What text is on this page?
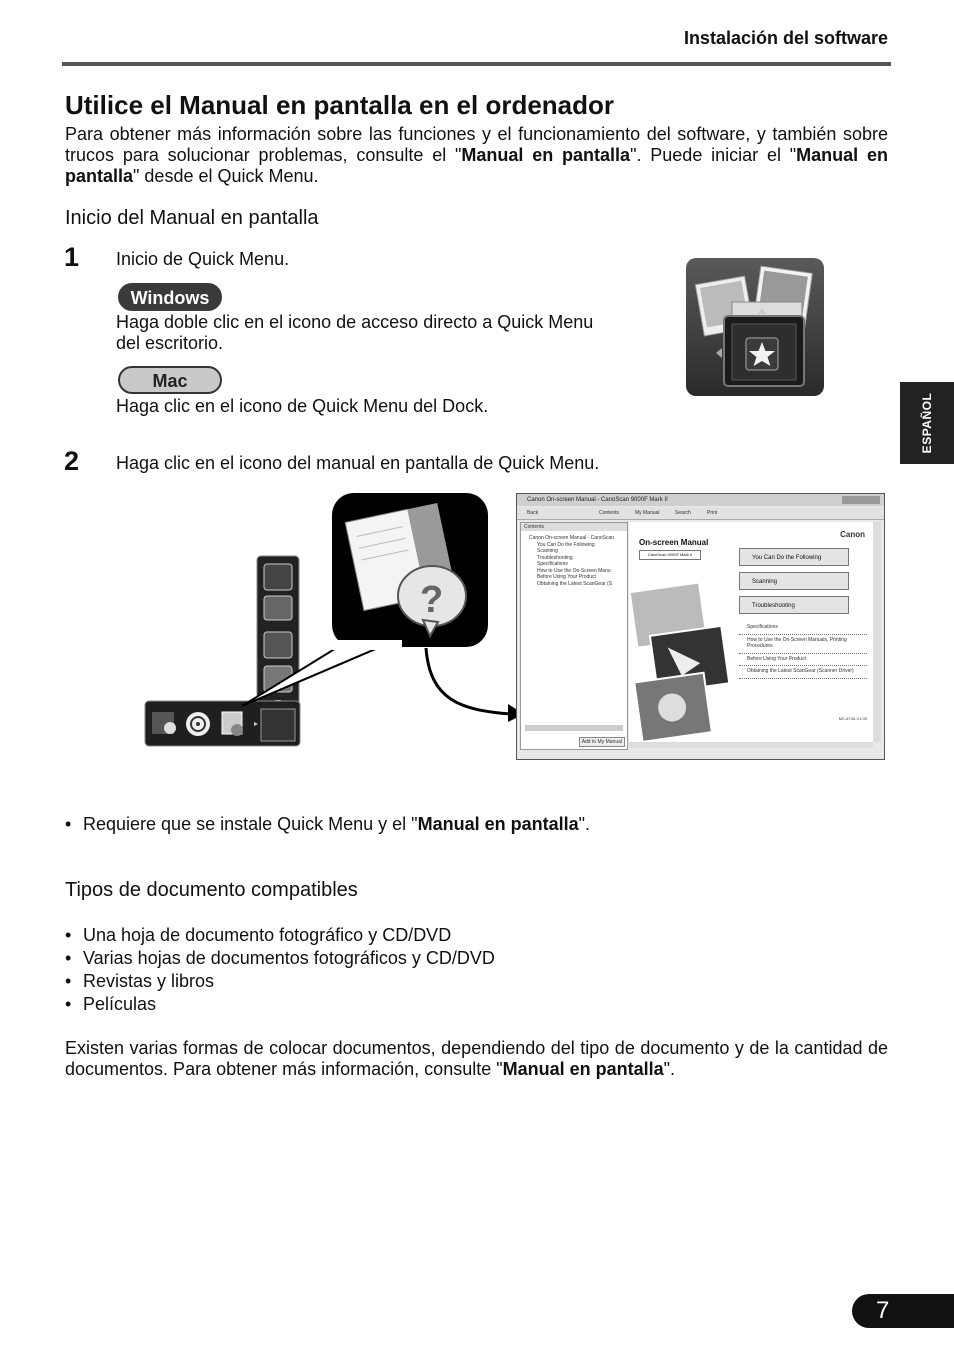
Instalación del software
Utilice el Manual en pantalla en el ordenador
Para obtener más información sobre las funciones y el funcionamiento del software, y también sobre trucos para solucionar problemas, consulte el "Manual en pantalla". Puede iniciar el "Manual en pantalla" desde el Quick Menu.
Inicio del Manual en pantalla
1 Inicio de Quick Menu.
Windows
Haga doble clic en el icono de acceso directo a Quick Menu del escritorio.
Mac
Haga clic en el icono de Quick Menu del Dock.	ESPAÑOL
2 Haga clic en el icono del manual en pantalla de Quick Menu.
?
Canon On-screen Manual - CanoScan 9000F Mark II
Back	Contents	My Manual	Search	Print
Contents
Canon On-screen Manual - CanoScan
You Can Do the Following
Scanning
Troubleshooting
Specifications
How to Use the On-Screen Manu
Before Using Your Product
Obtaining the Latest ScanGear (S
Add to My Manual
On-screen Manual
CanoScan 9000F Mark II
Canon
You Can Do the Following
Scanning
Troubleshooting
Specifications
How to Use the On-Screen Manuals, Printing Procedures
Before Using Your Product
Obtaining the Latest ScanGear (Scanner Driver)
MC-6736-V1.00
• Requiere que se instale Quick Menu y el "Manual en pantalla".
Tipos de documento compatibles
• Una hoja de documento fotográfico y CD/DVD
• Varias hojas de documentos fotográficos y CD/DVD
• Revistas y libros
• Películas
Existen varias formas de colocar documentos, dependiendo del tipo de documento y de la cantidad de documentos. Para obtener más información, consulte "Manual en pantalla".
7
